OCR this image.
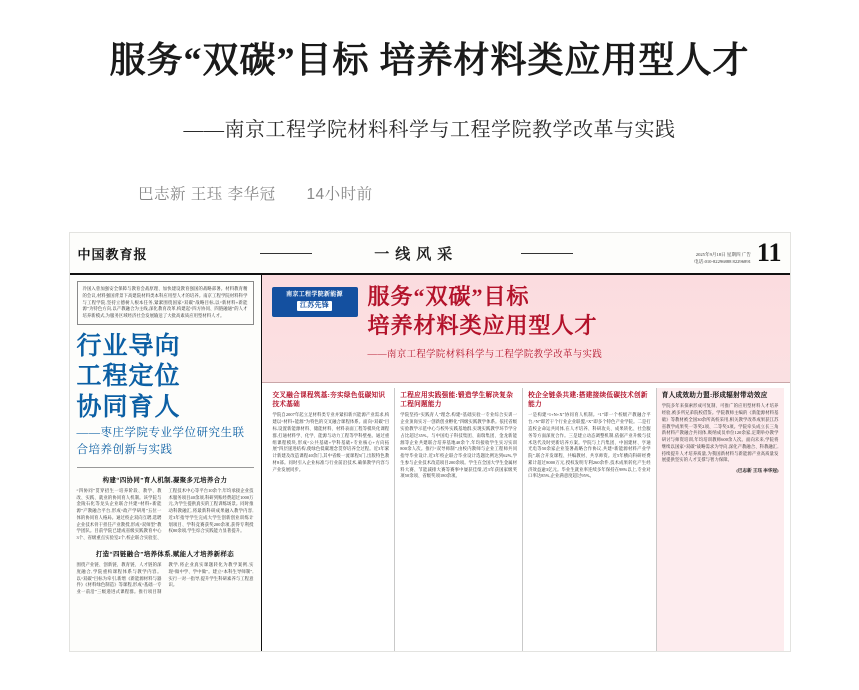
服务“双碳”目标 培养材料类应用型人才
——南京工程学院材料科学与工程学院教学改革与实践
巴志新 王珏 李华冠 14小时前
中国教育报	一线风采	2025年9月18日 星期四 广告
电话:010-82296888 82296891 11
冷国入曾加强安全保障与教育会战原理、加快建设教育强国的战略部署。材料教育精的会议,材料强国背景下高建院材料类本科应用型人才的培养。南京工程学院材料科学与工程学院,坚持立德树人根本任务,紧紧围绕国家“双碳”战略目标,以“新材料+新能源”为特色方向,以产教融合为主线,深化教育改革,构建起“四方协同、四链融通”的人才培养新模式,为服务区域经济社会发展输送了大批高素质应用型材料人才。
行业导向
工程定位
协同育人
——枣庄学院专业学位研究生联合培养创新与实践
构建“四协同”育人机制,凝聚多元培养合力
“四协同”贯穿招生一培养阶段、教学、教改、实践、就业的协同育人机制。该学院与金陵石化等龙头企业联合共建“材料+新能源”产教融合平台,形成“政产学研用”五位一体的协同育人格局。通过校企双向互聘,选聘企业技术骨干担任产业教授,形成“双师型”教学团队。目前学院已建成省级实践教育中心3个、省级重点实验室2个,校企联合实验室、工程技术中心等平台10余个,年均承接企业技术服务项目40余项,科研到账经费超过1000万元,为学生提供真实的工程训练场景。同时推动科教融汇,将最新科研成果融入教学内容,近3年指导学生完成大学生创新创业训练计划项目、学科竞赛获奖200余项,获得专利授权80余项,学生综合实践能力显著提升。
打造“四链融合”培养体系,赋能人才培养新样态
围绕产业链、创新链、教育链、人才链的深度融合,学院重构课程体系与教学内容。以“双碳”目标为牵引,新增《新能源材料与器件》《材料绿色制造》等课程,形成“基础一专业一前沿”三级递进式课程群。推行项目制教学,将企业真实课题转化为教学案例,实现“做中学、学中做”。建立“本科生导师制”,实行一对一指导,提升学生科研素养与工程意识。
南京工程学院新能源 江苏先锋	服务“双碳”目标
培养材料类应用型人才
——南京工程学院材料科学与工程学院教学改革与实践
交叉融合课程筑基:夯实绿色低碳知识技术基础
学院自2007年起立足材料类专业并紧扣新兴能源产业需求,构建以“材料+能源”为特色的交叉融合课程体系。面向“双碳”目标,设置新能源材料、储能材料、材料表面工程等模块化课程群,打通材料学、化学、能源与动力工程等学科壁垒。通过重组课程模块,形成“公共基础+学科基础+专业核心+方向拓展”四层递进结构,使绿色低碳理念贯穿培养全过程。近3年累计新建及改造课程40余门,其中省级一流课程5门,出版特色教材8部。同时引入企业标准与行业前沿技术,确保教学内容与产业发展同步。
工程应用实践强能:锻造学生解决复杂工程问题能力
学院坚持“实践育人”理念,构建“基础实验一专业综合实训一企业顶岗实习一创新创业孵化”四级实践教学体系。依托省级实验教学示范中心与校外实践基地群,实现实践教学环节学分占比超过35%。与中国电子科技集团、南瑞集团、金龙新能源等企业共建联合培养基地40余个,年均接收学生实习实训800余人次。推行“双导师制”,由校内教师与企业工程师共同指导毕业设计,近3年校企联合毕业设计选题比例达到62%,学生参与企业技术改造项目200余项。学生在全国大学生金属材料大赛、节能减排大赛等赛事中屡获佳绩,近3年获国家级奖项50余项、省级奖项180余项。
校企全链条共建:搭建接续低碳技术创新能力
一是构建“1+N+X”协同育人机制。“1”即一个校级产教融合平台,“N”即若干个行业企业联盟,“X”即多个特色产业学院。二是打造校企命运共同体,在人才培养、科研攻关、成果转化、社会服务等方面深度合作。三是建立动态调整机制,依据产业升级与技术迭代及时更新培养方案。学院与上汽集团、中国建材、亨通光电等50余家企业签署战略合作协议,共建“新能源材料产业学院”,联合开发课程、共编教材、共享师资。近5年横向科研经费累计超过8000万元,授权发明专利260余件,技术成果转化产生经济效益逾3亿元。毕业生就业率连续多年保持在98%以上,专业对口率达85%,企业满意度超过95%。
育人成效助力盟:形成辐射带动效应
学院多年来探索形成可复制、可推广的应用型材料人才培养经验,被多所兄弟院校借鉴。学院教师主编的《新能源材料基础》等教材被全国30余所高校采用,相关教学改革成果获江苏省教学成果奖一等奖2项、二等奖3项。学院牵头成立长三角新材料产教融合共同体,吸纳成员单位120余家,定期举办教学研讨与师资培训,年均培训教师600余人次。面向未来,学院将继续以国家“双碳”战略需求为导向,深化产教融合、科教融汇,持续提升人才培养质量,为我国新材料与新能源产业高质量发展提供坚实的人才支撑与智力保障。
(巴志新 王珏 李华冠)
